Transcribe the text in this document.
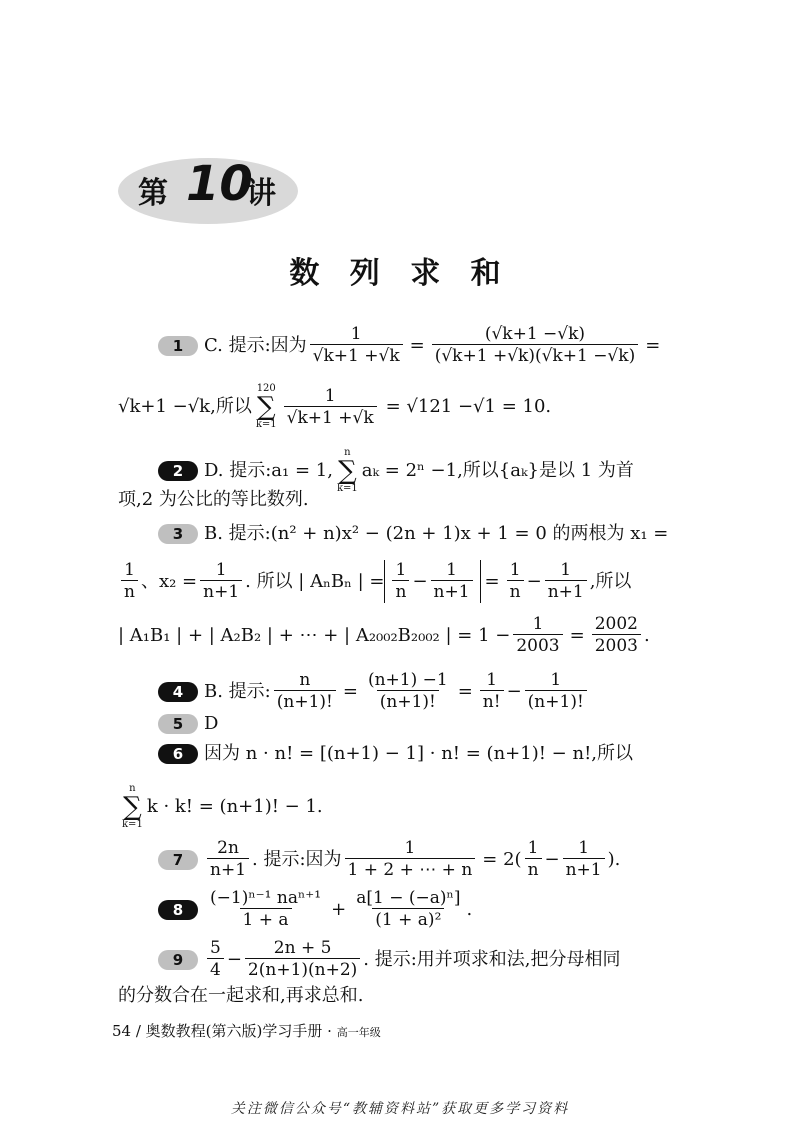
第 10
讲
数 列 求 和
1	C. 提示:因为 $\frac{1}{√k+1 +√k} = \frac{(√k+1 -√k)}{(√k+1 +√k)(√k+1 -√k)}$ =
√k+1 −√k,所以
120
∑
$k=1 \frac{1}{√k+1 +√k} = √121 -√1 = 10$.
2	D. 提示:a₁ = 1,
n
∑
k=1
aₖ = 2ⁿ −1,所以{aₖ}是以 1 为首
项,2 为公比的等比数列.
3	B. 提示:(n² + n)x² − (2n + 1)x + 1 = 0 的两根为 x₁ =
$\frac{1}{n}$ 、$x_2 = \frac{1}{n+1}$ . 所以 | AₙBₙ | = $\frac{1}{n} - \frac{1}{n+1} = \frac{1}{n} - \frac{1}{n+1}$ ,所以
| A₁B₁ | + | A₂B₂ | + ⋯ + | A₂₀₀₂B₂₀₀₂ | = $1 - \frac{1}{2003} = \frac{2002}{2003}$ .
4	B. 提示: $\frac{n}{(n+1)!} = \frac{(n+1) -1}{(n+1)!} = \frac{1}{n!} - \frac{1}{(n+1)!}$
5	D
6	因为 n · n! = [(n+1) − 1] · n! = (n+1)! − n!,所以
n
∑
k=1
k · k! = (n+1)! − 1.
7	$\frac{2n}{n+1}$ . 提示:因为 $\frac{1}{1 + 2 + \cdots + n} = 2( \frac{1}{n} - \frac{1}{n+1}$ ).
8	$\frac{\text{(−1)ⁿ⁻¹ naⁿ⁺¹}}{1 + a} + \frac{\text{a[1 − (−a)ⁿ]}}{\text{(1 + a)²}}$ .
9	$\frac{5}{4} - \frac{2n + 5}{2(n+1)(n+2)}$ . 提示:用并项求和法,把分母相同
的分数合在一起求和,再求总和.
54 / 奥数教程(第六版)学习手册 · 高一年级
关注微信公众号“教辅资料站”获取更多学习资料
